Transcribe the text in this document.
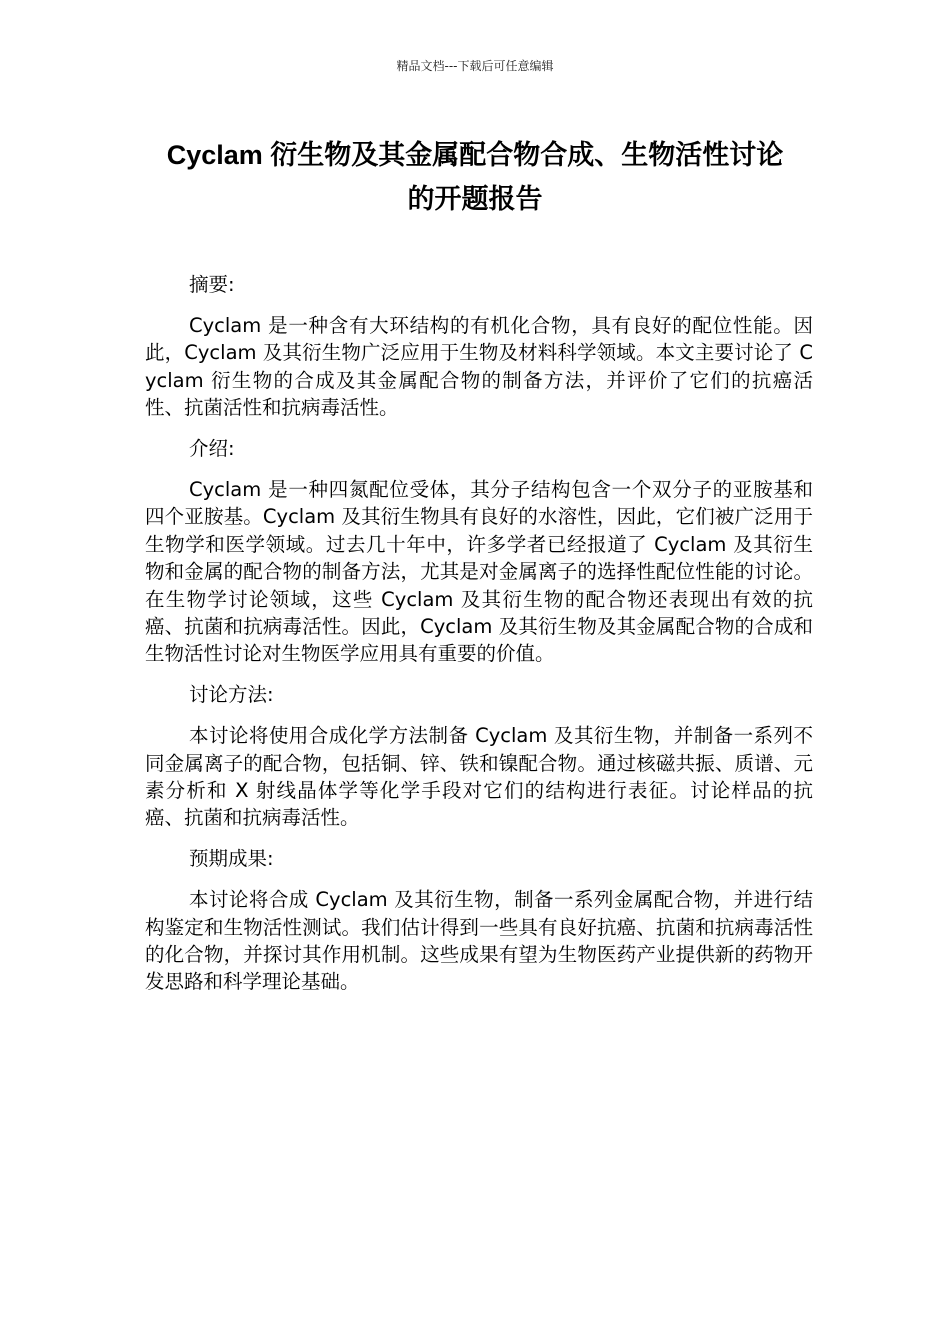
精品文档---下载后可任意编辑
Cyclam 衍生物及其金属配合物合成、生物活性讨论
的开题报告

摘要:

Cyclam 是一种含有大环结构的有机化合物，具有良好的配位性能。因此，Cyclam 及其衍生物广泛应用于生物及材料科学领域。本文主要讨论了 Cyclam 衍生物的合成及其金属配合物的制备方法，并评价了它们的抗癌活性、抗菌活性和抗病毒活性。

介绍:

Cyclam 是一种四氮配位受体，其分子结构包含一个双分子的亚胺基和四个亚胺基。Cyclam 及其衍生物具有良好的水溶性，因此，它们被广泛用于生物学和医学领域。过去几十年中，许多学者已经报道了 Cyclam 及其衍生物和金属的配合物的制备方法，尤其是对金属离子的选择性配位性能的讨论。在生物学讨论领域，这些 Cyclam 及其衍生物的配合物还表现出有效的抗癌、抗菌和抗病毒活性。因此，Cyclam 及其衍生物及其金属配合物的合成和生物活性讨论对生物医学应用具有重要的价值。

讨论方法:

本讨论将使用合成化学方法制备 Cyclam 及其衍生物，并制备一系列不同金属离子的配合物，包括铜、锌、铁和镍配合物。通过核磁共振、质谱、元素分析和 X 射线晶体学等化学手段对它们的结构进行表征。讨论样品的抗癌、抗菌和抗病毒活性。

预期成果:

本讨论将合成 Cyclam 及其衍生物，制备一系列金属配合物，并进行结构鉴定和生物活性测试。我们估计得到一些具有良好抗癌、抗菌和抗病毒活性的化合物，并探讨其作用机制。这些成果有望为生物医药产业提供新的药物开发思路和科学理论基础。
